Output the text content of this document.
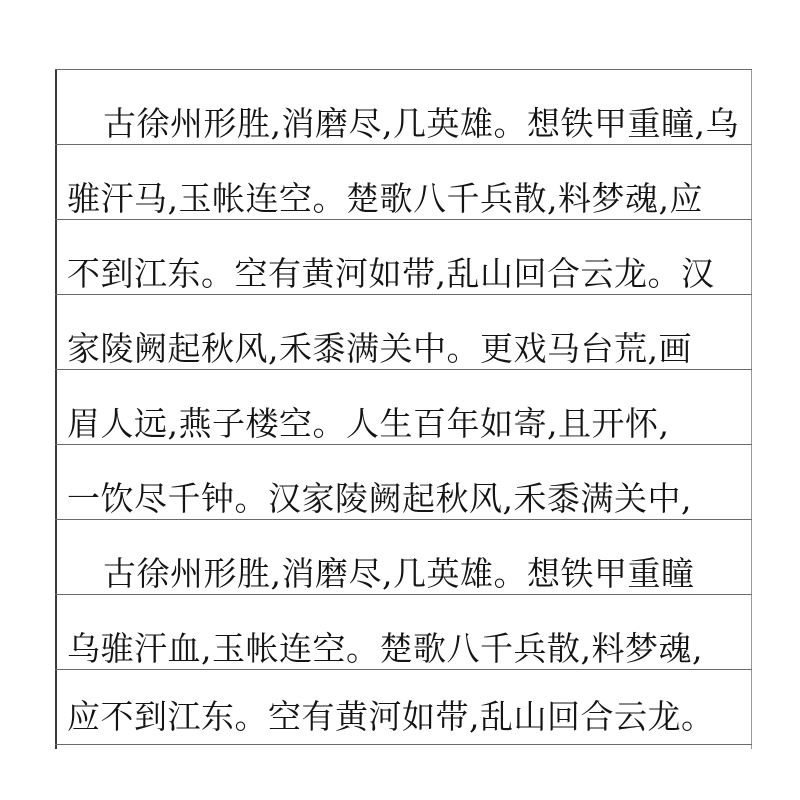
古徐州形胜,消磨尽,几英雄。想铁甲重瞳,乌
骓汗马,玉帐连空。楚歌八千兵散,料梦魂,应
不到江东。空有黄河如带,乱山回合云龙。汉
家陵阙起秋风,禾黍满关中。更戏马台荒,画
眉人远,燕子楼空。人生百年如寄,且开怀,
一饮尽千钟。汉家陵阙起秋风,禾黍满关中,
古徐州形胜,消磨尽,几英雄。想铁甲重瞳
乌骓汗血,玉帐连空。楚歌八千兵散,料梦魂,
应不到江东。空有黄河如带,乱山回合云龙。
